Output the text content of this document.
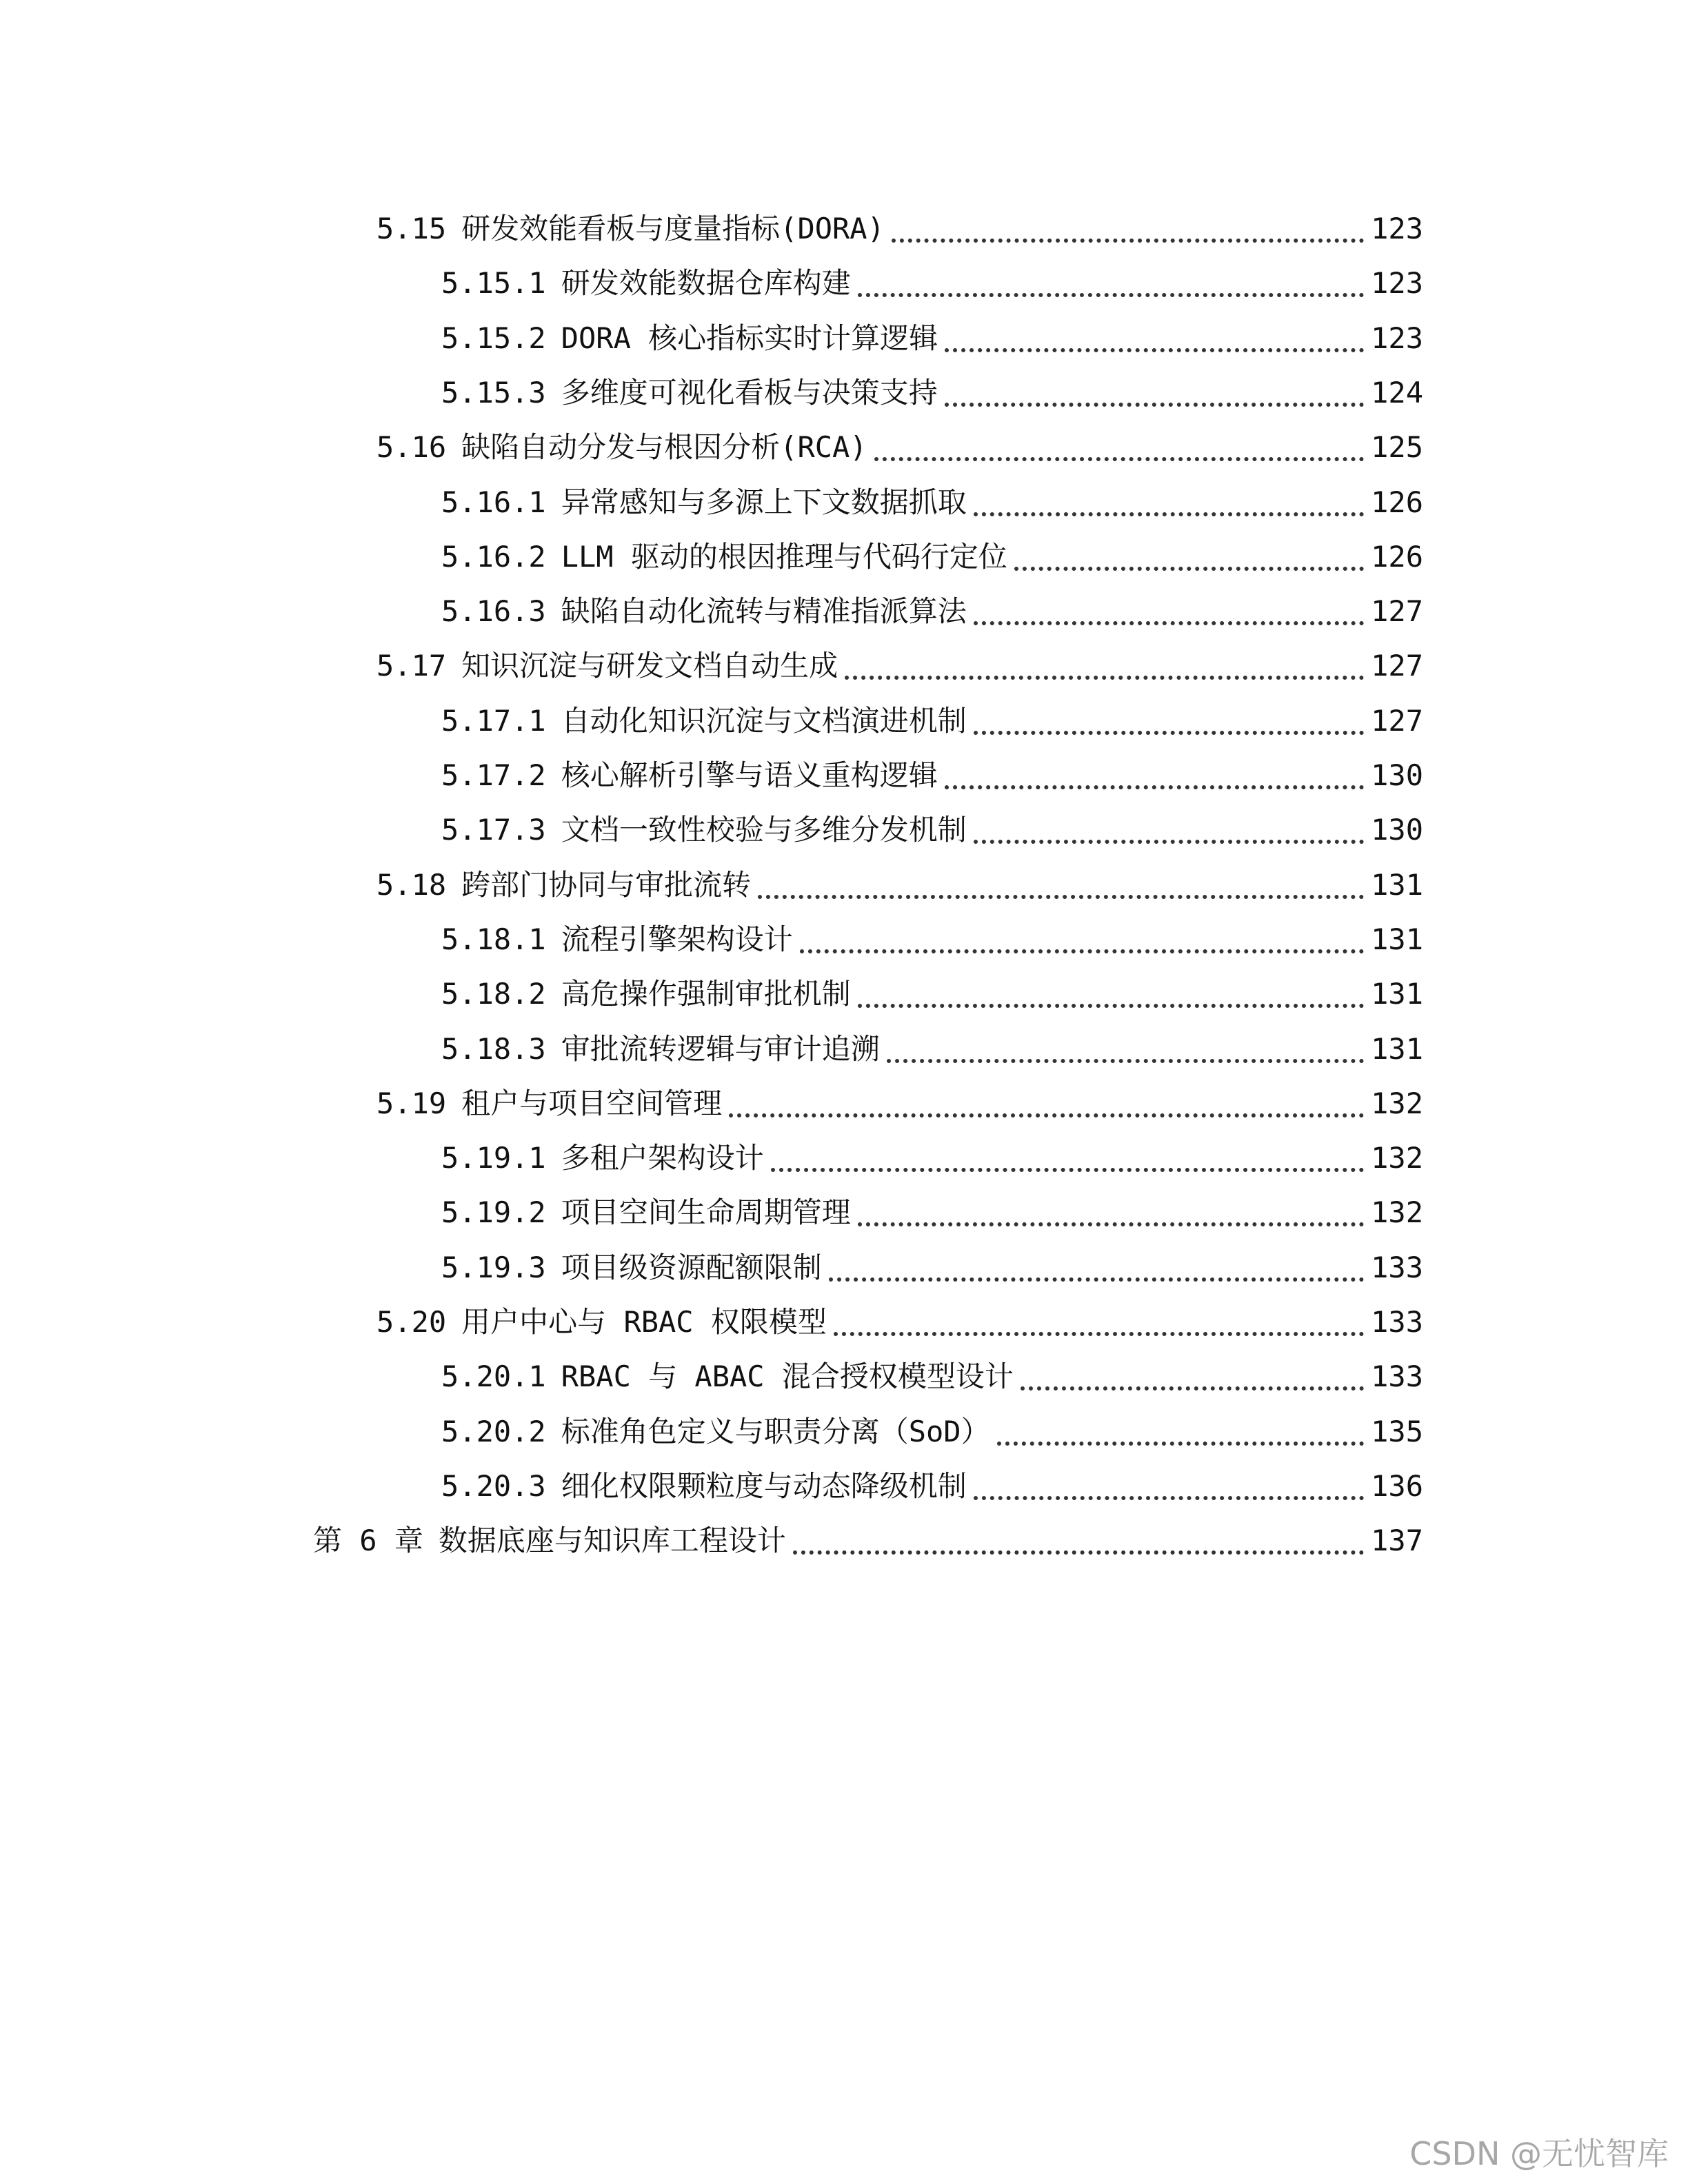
5.15 研发效能看板与度量指标(DORA)	123
5.15.1 研发效能数据仓库构建	123
5.15.2 DORA 核心指标实时计算逻辑	123
5.15.3 多维度可视化看板与决策支持	124
5.16 缺陷自动分发与根因分析(RCA)	125
5.16.1 异常感知与多源上下文数据抓取	126
5.16.2 LLM 驱动的根因推理与代码行定位	126
5.16.3 缺陷自动化流转与精准指派算法	127
5.17 知识沉淀与研发文档自动生成	127
5.17.1 自动化知识沉淀与文档演进机制	127
5.17.2 核心解析引擎与语义重构逻辑	130
5.17.3 文档一致性校验与多维分发机制	130
5.18 跨部门协同与审批流转	131
5.18.1 流程引擎架构设计	131
5.18.2 高危操作强制审批机制	131
5.18.3 审批流转逻辑与审计追溯	131
5.19 租户与项目空间管理	132
5.19.1 多租户架构设计	132
5.19.2 项目空间生命周期管理	132
5.19.3 项目级资源配额限制	133
5.20 用户中心与 RBAC 权限模型	133
5.20.1 RBAC 与 ABAC 混合授权模型设计	133
5.20.2 标准角色定义与职责分离（SoD）	135
5.20.3 细化权限颗粒度与动态降级机制	136
第 6 章 数据底座与知识库工程设计	137
CSDN @无忧智库
